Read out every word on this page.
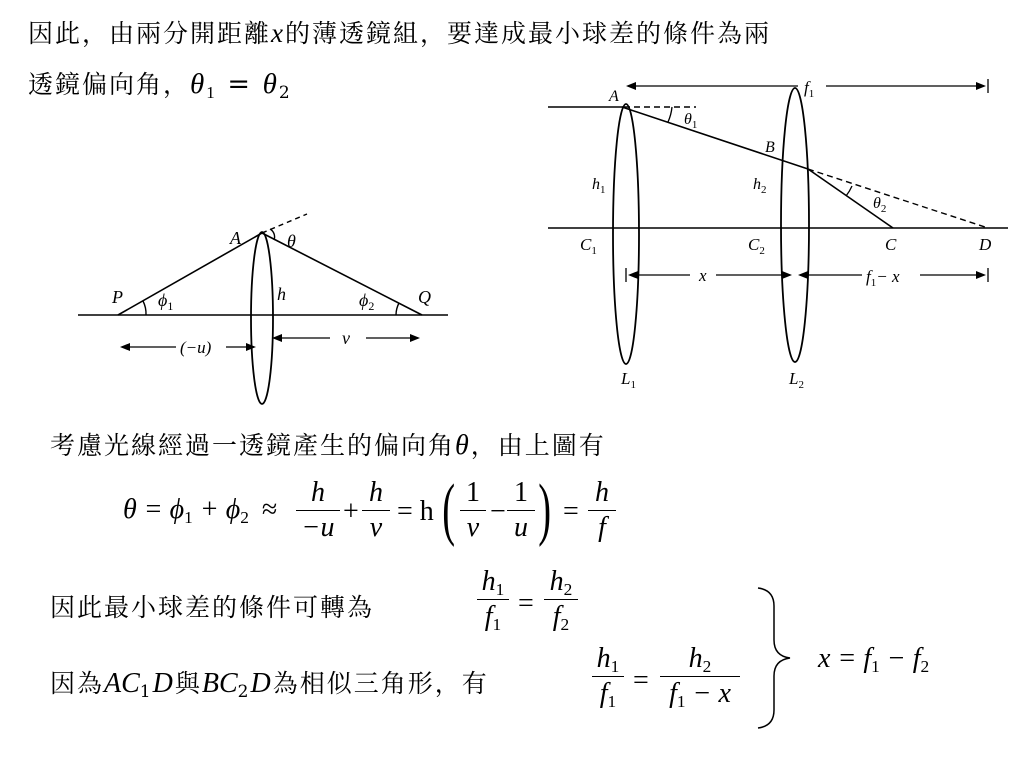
因此，由兩分開距離x的薄透鏡組，要達成最小球差的條件為兩
透鏡偏向角，$\theta_1 = \theta_2$
A	θ
P $\phi_1$
h	$\phi_2$ Q
(−u)	v
A
$\theta_1$
$f_1$
B
$h_1$	$h_2$
$\theta_2$
$C_1$	$C_2$	C	D
x	$f_1- x$
$L_1$	$L_2$
考慮光線經過一透鏡產生的偏向角θ，由上圖有
$\theta = \phi_1 + \phi_2$ ≈
h
−u
+
h
v
= h ( 1
v
−
1
u ) =
h
f
因此最小球差的條件可轉為
$h_1$
$f_1$
=
$h_2$
$f_2$
因為$AC_1D$與$BC_2D$為相似三角形，有
$h_1$
$f_1$
=
$h_2$
$f_1 - x$
$x = f_1 - f_2$
